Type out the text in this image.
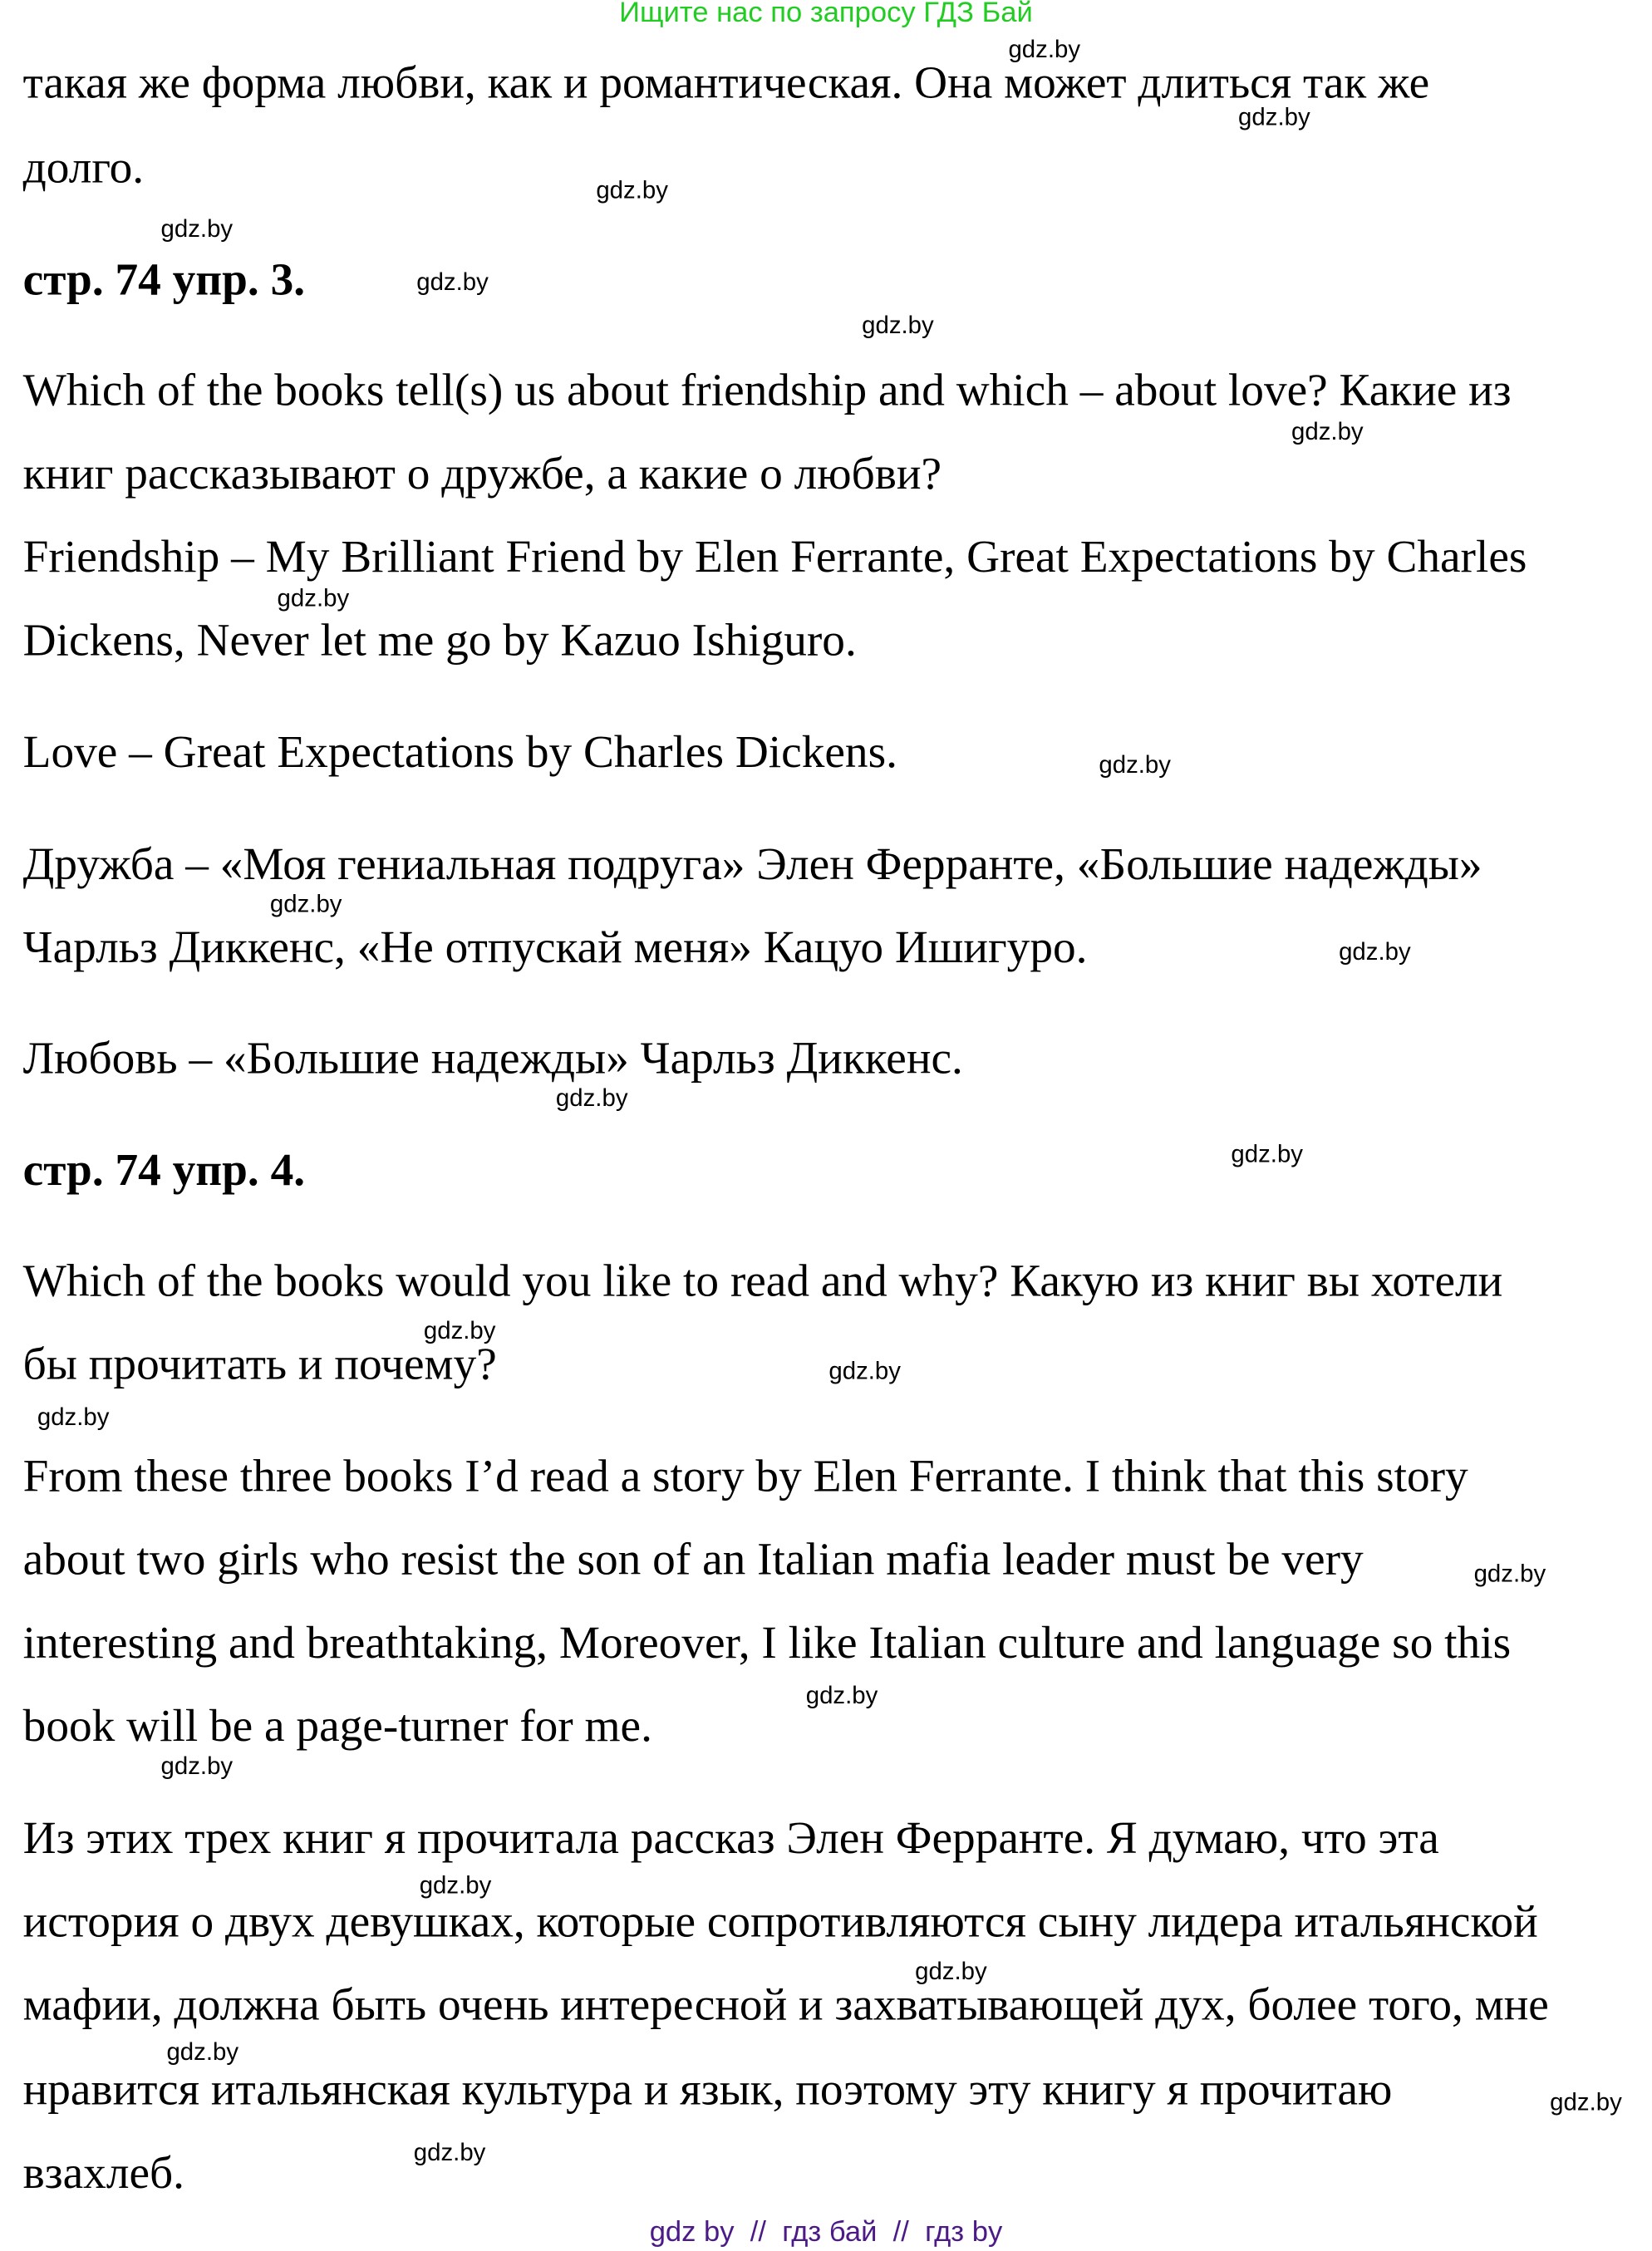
Ищите нас по запросу ГДЗ Бай
такая же форма любви, как и романтическая. Она может длиться так же
долго.
стр. 74 упр. 3.
Which of the books tell(s) us about friendship and which – about love? Какие из
книг рассказывают о дружбе, а какие о любви?
Friendship – My Brilliant Friend by Elen Ferrante, Great Expectations by Charles
Dickens, Never let me go by Kazuo Ishiguro.
Love – Great Expectations by Charles Dickens.
Дружба – «Моя гениальная подруга» Элен Ферранте, «Большие надежды»
Чарльз Диккенс, «Не отпускай меня» Кацуо Ишигуро.
Любовь – «Большие надежды» Чарльз Диккенс.
стр. 74 упр. 4.
Which of the books would you like to read and why? Какую из книг вы хотели
бы прочитать и почему?
From these three books I’d read a story by Elen Ferrante. I think that this story
about two girls who resist the son of an Italian mafia leader must be very
interesting and breathtaking, Moreover, I like Italian culture and language so this
book will be a page-turner for me.
Из этих трех книг я прочитала рассказ Элен Ферранте. Я думаю, что эта
история о двух девушках, которые сопротивляются сыну лидера итальянской
мафии, должна быть очень интересной и захватывающей дух, более того, мне
нравится итальянская культура и язык, поэтому эту книгу я прочитаю
взахлеб.
gdz.by
gdz.by
gdz.by
gdz.by
gdz.by
gdz.by
gdz.by
gdz.by
gdz.by
gdz.by
gdz.by
gdz.by
gdz.by
gdz.by
gdz.by
gdz.by
gdz.by
gdz.by
gdz.by
gdz.by
gdz.by
gdz.by
gdz.by
gdz.by
gdz by  //  гдз бай  //  гдз by
